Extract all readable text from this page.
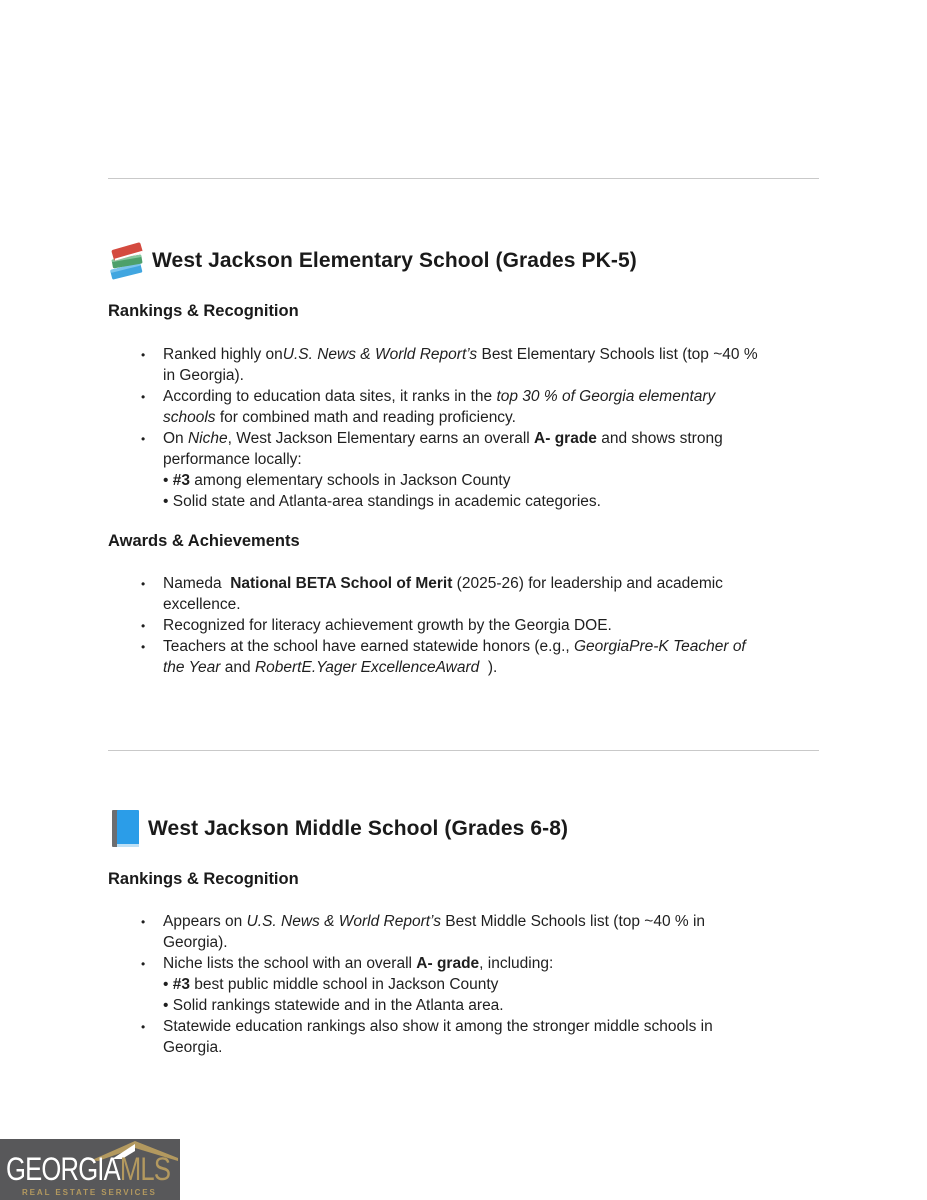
West Jackson Elementary School (Grades PK-5)
Rankings & Recognition
• Ranked highly onU.S. News & World Report’s Best Elementary Schools list (top ~40 % in Georgia).
• According to education data sites, it ranks in the top 30 % of Georgia elementary schools for combined math and reading proficiency.
• On Niche, West Jackson Elementary earns an overall A- grade and shows strong performance locally:
• #3 among elementary schools in Jackson County
• Solid state and Atlanta-area standings in academic categories.
Awards & Achievements
• Nameda  National BETA School of Merit (2025-26) for leadership and academic excellence.
• Recognized for literacy achievement growth by the Georgia DOE.
• Teachers at the school have earned statewide honors (e.g., GeorgiaPre-K Teacher of the Year and RobertE.Yager ExcellenceAward  ).
West Jackson Middle School (Grades 6-8)
Rankings & Recognition
• Appears on U.S. News & World Report’s Best Middle Schools list (top ~40 % in Georgia).
• Niche lists the school with an overall A- grade, including:
• #3 best public middle school in Jackson County
• Solid rankings statewide and in the Atlanta area.
• Statewide education rankings also show it among the stronger middle schools in Georgia.
GEORGIAMLS
REAL ESTATE SERVICES
